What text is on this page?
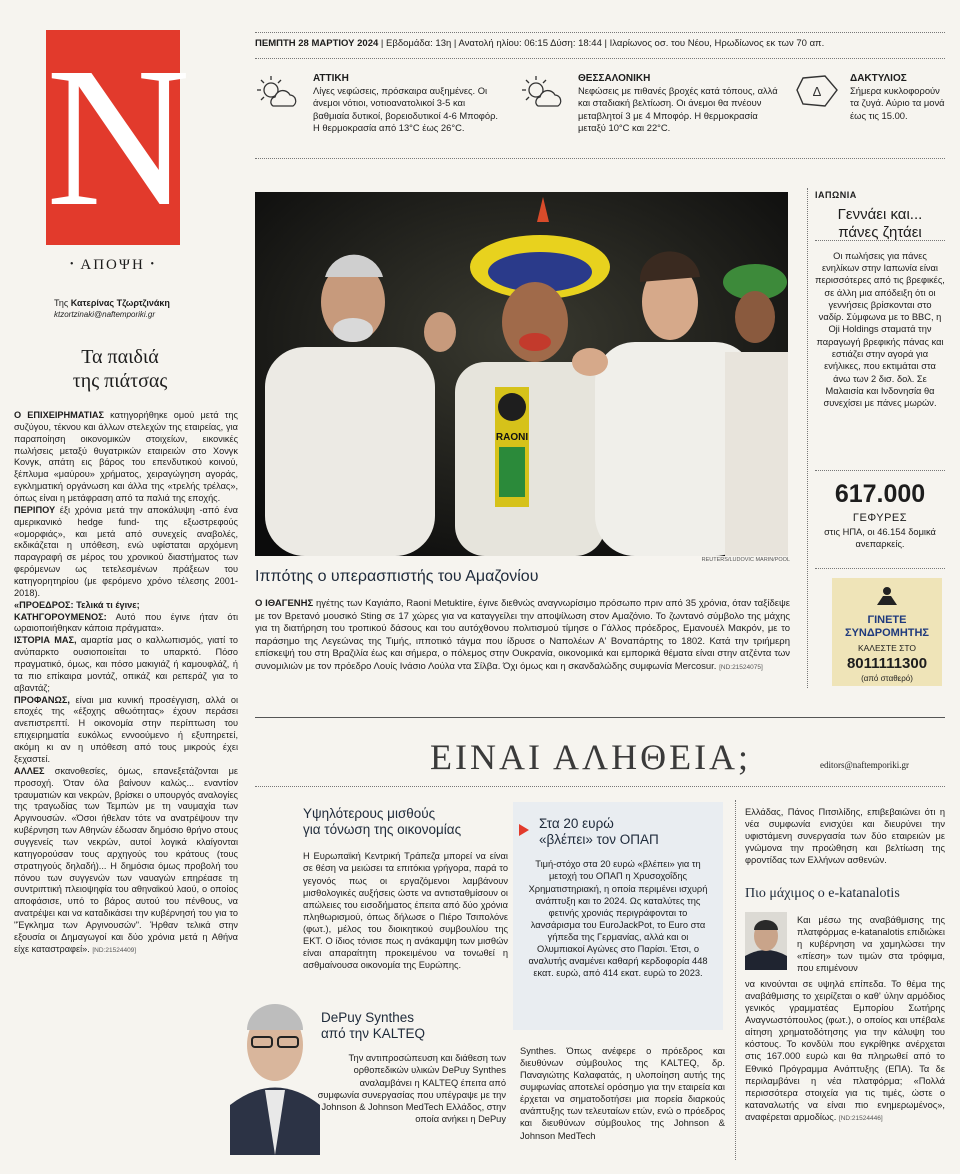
N
• ΑΠΟΨΗ •
Της Κατερίνας Τζωρτζινάκη
ktzortzinaki@naftemporiki.gr
Τα παιδιά
της πιάτσας

Ο ΕΠΙΧΕΙΡΗΜΑΤΙΑΣ κατηγορήθηκε ομού μετά της συζύγου, τέκνου και άλλων στελεχών της εταιρείας, για παραποίηση οικονομικών στοιχείων, εικονικές πωλήσεις μεταξύ θυγατρικών εταιρειών στο Χονγκ Κονγκ, απάτη εις βάρος του επενδυτικού κοινού, ξέπλυμα «μαύρου» χρήματος, χειραγώγηση αγοράς, εγκληματική οργάνωση και άλλα της «τρελής τρέλας», όπως είναι η μετάφραση από τα παλιά της εποχής.

ΠΕΡΙΠΟΥ έξι χρόνια μετά την αποκάλυψη -από ένα αμερικανικό hedge fund- της εξωστρεφούς «ομορφιάς», και μετά από συνεχείς αναβολές, εκδικάζεται η υπόθεση, ενώ υφίσταται αρχόμενη παραγραφή σε μέρος του χρονικού διαστήματος των φερόμενων ως τετελεσμένων πράξεων του κατηγορητηρίου (με φερόμενο χρόνο τέλεσης 2001-2018).

«ΠΡΟΕΔΡΟΣ: Τελικά τι έγινε;

ΚΑΤΗΓΟΡΟΥΜΕΝΟΣ: Αυτό που έγινε ήταν ότι ωραιοποιήθηκαν κάποια πράγματα».

ΙΣΤΟΡΙΑ ΜΑΣ, αμαρτία μας ο καλλωπισμός, γιατί το ανύπαρκτο ουσιοποιείται το υπαρκτό. Πόσο πραγματικό, όμως, και πόσο μακιγιάζ ή καμουφλάζ, ή τα πιο επίκαιρα μοντάζ, οπικάζ και ρεπεράζ για το αβαντάζ;

ΠΡΟΦΑΝΩΣ, είναι μια κυνική προσέγγιση, αλλά οι εποχές της «έξοχης αθωότητας» έχουν περάσει ανεπιστρεπτί. Η οικονομία στην περίπτωση του επιχειρηματία ευκόλως εννοούμενο ή εξυπηρετεί, ακόμη κι αν η υπόθεση από τους μικρούς έχει ξεχαστεί.

ΑΛΛΕΣ σκανοθεσίες, όμως, επανεξετάζονται με προσοχή. Όταν όλα βαίνουν καλώς... εναντίον τραυματιών και νεκρών, βρίσκει ο υπουργός αναλογίες της τραγωδίας των Τεμπών με τη ναυμαχία των Αργινουσών. «Όσοι ήθελαν τότε να ανατρέψουν την κυβέρνηση των Αθηνών έδωσαν δημόσιο θρήνο στους συγγενείς των νεκρών, αυτοί λογικά κλαίγονται κατηγορούσαν τους αρχηγούς του κράτους (τους στρατηγούς δηλαδή)... Η δημόσια όμως προβολή του πόνου των συγγενών των ναυαγών επηρέασε τη συντριπτική πλειοψηφία του αθηναϊκού λαού, ο οποίος αποφάσισε, υπό το βάρος αυτού του πένθους, να ανατρέψει και να καταδικάσει την κυβέρνησή του για το "Έγκλημα των Αργινουσών". Ήρθαν τελικά στην εξουσία οι Δημαγωγοί και δύο χρόνια μετά η Αθήνα είχε καταστραφεί». [ND:21524409]

ΠΕΜΠΤΗ 28 ΜΑΡΤΙΟΥ 2024 | Εβδομάδα: 13η | Ανατολή ηλίου: 06:15 Δύση: 18:44 | Ιλαρίωνος οσ. του Νέου, Ηρωδίωνος εκ των 70 απ.
ΑΤΤΙΚΗ
Λίγες νεφώσεις, πρόσκαιρα αυξημένες. Οι άνεμοι νότιοι, νοτιοανατολικοί 3-5 και βαθμιαία δυτικοί, βορειοδυτικοί 4-6 Μποφόρ. Η θερμοκρασία από 13°C έως 26°C.
ΘΕΣΣΑΛΟΝΙΚΗ
Νεφώσεις με πιθανές βροχές κατά τόπους, αλλά και σταδιακή βελτίωση. Οι άνεμοι θα πνέουν μεταβλητοί 3 με 4 Μποφόρ. Η θερμοκρασία μεταξύ 10°C και 22°C.
Δ
ΔΑΚΤΥΛΙΟΣ
Σήμερα κυκλοφορούν τα ζυγά. Αύριο τα μονά έως τις 15.00.
RAONI
REUTERS/LUDOVIC MARIN/POOL
Ιππότης ο υπερασπιστής του Αμαζονίου

Ο ΙΘΑΓΕΝΗΣ ηγέτης των Καγιάπο, Raoni Metuktire, έγινε διεθνώς αναγνωρίσιμο πρόσωπο πριν από 35 χρόνια, όταν ταξίδεψε με τον Βρετανό μουσικό Sting σε 17 χώρες για να καταγγείλει την αποψίλωση στον Αμαζόνιο. Το ζωντανό σύμβολο της μάχης για τη διατήρηση του τροπικού δάσους και του αυτόχθονου πολιτισμού τίμησε ο Γάλλος πρόεδρος, Εμανουέλ Μακρόν, με το παράσημο της Λεγεώνας της Τιμής, ιπποτικό τάγμα που ίδρυσε ο Ναπολέων Α' Βοναπάρτης το 1802. Κατά την τριήμερη επίσκεψή του στη Βραζιλία έως και σήμερα, ο πόλεμος στην Ουκρανία, οικονομικά και εμπορικά θέματα είναι στην ατζέντα των συνομιλιών με τον πρόεδρο Λουίς Ινάσιο Λούλα ντα Σίλβα. Όχι όμως και η σκανδαλώδης συμφωνία Mercosur. [ND:21524075]

ΙΑΠΩΝΙΑ
Γεννάει και...
πάνες ζητάει
Οι πωλήσεις για πάνες ενηλίκων στην Ιαπωνία είναι περισσότερες από τις βρεφικές, σε άλλη μια απόδειξη ότι οι γεννήσεις βρίσκονται στο ναδίρ. Σύμφωνα με το BBC, η Oji Holdings σταματά την παραγωγή βρεφικής πάνας και εστιάζει στην αγορά για ενήλικες, που εκτιμάται στα άνω των 2 δισ. δολ. Σε Μαλαισία και Ινδονησία θα συνεχίσει με πάνες μωρών.
617.000
ΓΕΦΥΡΕΣ
στις ΗΠΑ, οι 46.154 δομικά ανεπαρκείς.
ΓΙΝΕΤΕ
ΣΥΝΔΡΟΜΗΤΗΣ
ΚΑΛΕΣΤΕ ΣΤΟ
8011111300
(από σταθερό)
ΕΙΝΑΙ ΑΛΗΘΕΙΑ;	editors@naftemporiki.gr
Υψηλότερους μισθούς
για τόνωση της οικονομίας

Η Ευρωπαϊκή Κεντρική Τράπεζα μπορεί να είναι σε θέση να μειώσει τα επιτόκια γρήγορα, παρά το γεγονός πως οι εργαζόμενοι λαμβάνουν μισθολογικές αυξήσεις ώστε να αντισταθμίσουν οι απώλειες του εισοδήματος έπειτα από δύο χρόνια πληθωρισμού, όπως δήλωσε ο Πιέρο Τσιπολόνε (φωτ.), μέλος του διοικητικού συμβουλίου της ΕΚΤ. Ο ίδιος τόνισε πως η ανάκαμψη των μισθών είναι απαραίτητη προκειμένου να τονωθεί η ασθμαίνουσα οικονομία της Ευρώπης.

DePuy Synthes
από την KALTEQ

Την αντιπροσώπευση και διάθεση των ορθοπεδικών υλικών DePuy Synthes αναλαμβάνει η KALTEQ έπειτα από συμφωνία συνεργασίας που υπέγραψε με την Johnson & Johnson MedTech Ελλάδος, στην οποία ανήκει η DePuy

Στα 20 ευρώ
«βλέπει» τον ΟΠΑΠ

Τιμή-στόχο στα 20 ευρώ «βλέπει» για τη μετοχή του ΟΠΑΠ η Χρυσοχοΐδης Χρηματιστηριακή, η οποία περιμένει ισχυρή ανάπτυξη και το 2024. Ως καταλύτες της φετινής χρονιάς περιγράφονται το λανσάρισμα του EuroJackPot, το Euro στα γήπεδα της Γερμανίας, αλλά και οι Ολυμπιακοί Αγώνες στο Παρίσι. Έτσι, ο αναλυτής αναμένει καθαρή κερδοφορία 448 εκατ. ευρώ, από 414 εκατ. ευρώ το 2023.

Synthes. Όπως ανέφερε ο πρόεδρος και διευθύνων σύμβουλος της KALTEQ, δρ. Παναγιώτης Καλαφατάς, η υλοποίηση αυτής της συμφωνίας αποτελεί ορόσημο για την εταιρεία και έρχεται να σηματοδοτήσει μια πορεία διαρκούς ανάπτυξης των τελευταίων ετών, ενώ ο πρόεδρος και διευθύνων σύμβουλος της Johnson & Johnson MedTech

Ελλάδας, Πάνος Πιτσιλίδης, επιβεβαιώνει ότι η νέα συμφωνία ενισχύει και διευρύνει την υφιστάμενη συνεργασία των δύο εταιρειών με γνώμονα την προώθηση και βελτίωση της φροντίδας των Ελλήνων ασθενών.

Πιο μάχιμος ο e-katanalotis

Και μέσω της αναβάθμισης της πλατφόρμας e-katanalotis επιδιώκει η κυβέρνηση να χαμηλώσει την «πίεση» των τιμών στα τρόφιμα, που επιμένουν

να κινούνται σε υψηλά επίπεδα. Το θέμα της αναβάθμισης το χειρίζεται ο καθ' ύλην αρμόδιος γενικός γραμματέας Εμπορίου Σωτήρης Αναγνωστόπουλος (φωτ.), ο οποίος και υπέβαλε αίτηση χρηματοδότησης για την κάλυψη του κόστους. Το κονδύλι που εγκρίθηκε ανέρχεται στις 167.000 ευρώ και θα πληρωθεί από το Εθνικό Πρόγραμμα Ανάπτυξης (ΕΠΑ). Τα δε περιλαμβάνει η νέα πλατφόρμα; «Πολλά περισσότερα στοιχεία για τις τιμές, ώστε ο καταναλωτής να είναι πιο ενημερωμένος», αναφέρεται αρμοδίως. [ND:21524446]
